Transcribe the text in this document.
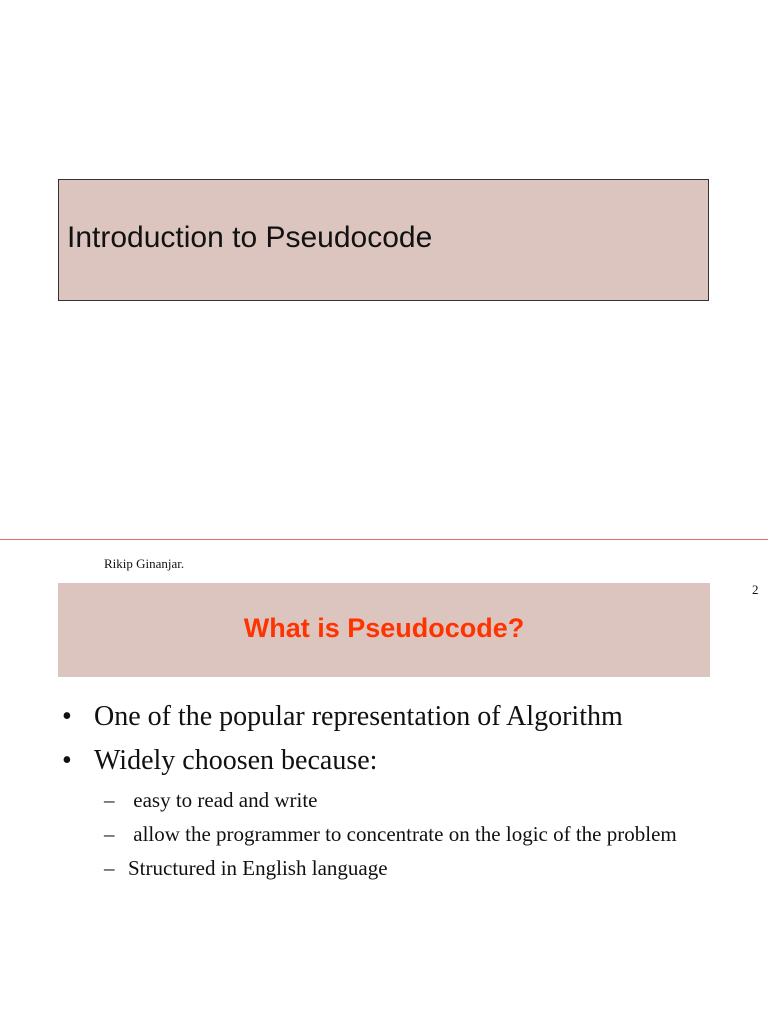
Introduction to Pseudocode
Rikip Ginanjar.
2
What is Pseudocode?
• One of the popular representation of Algorithm
• Widely choosen because:
– easy to read and write
– allow the programmer to concentrate on the logic of the problem
– Structured in English language
